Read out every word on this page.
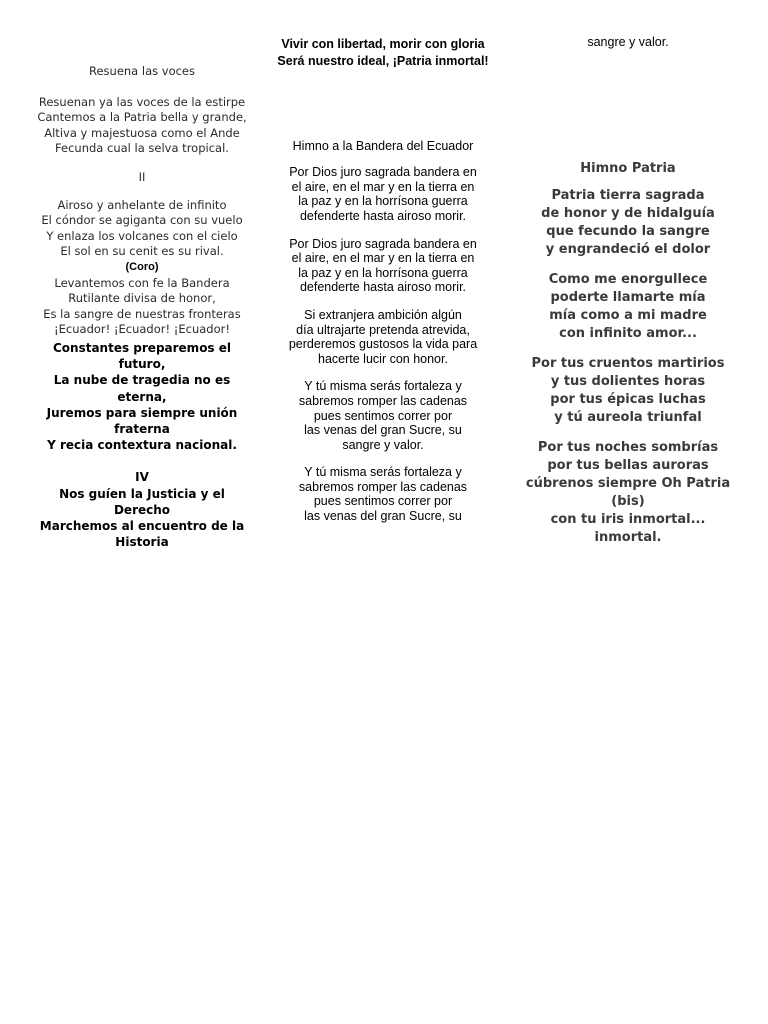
Resuena las voces
Resuenan ya las voces de la estirpe
Cantemos a la Patria bella y grande,
Altiva y majestuosa como el Ande
Fecunda cual la selva tropical.
II
Airoso y anhelante de infinito
El cóndor se agiganta con su vuelo
Y enlaza los volcanes con el cielo
El sol en su cenit es su rival.
(Coro)
Levantemos con fe la Bandera
Rutilante divisa de honor,
Es la sangre de nuestras fronteras
¡Ecuador! ¡Ecuador! ¡Ecuador!
Constantes preparemos el futuro,
La nube de tragedia no es eterna,
Juremos para siempre unión fraterna
Y recia contextura nacional.
IV
Nos guíen la Justicia y el Derecho
Marchemos al encuentro de la Historia
Vivir con libertad, morir con gloria
Será nuestro ideal, ¡Patria inmortal!
Himno a la Bandera del Ecuador
Por Dios juro sagrada bandera en
el aire, en el mar y en la tierra en
la paz y en la horrísona guerra
defenderte hasta airoso morir.
Por Dios juro sagrada bandera en
el aire, en el mar y en la tierra en
la paz y en la horrísona guerra
defenderte hasta airoso morir.
Si extranjera ambición algún
día ultrajarte pretenda atrevida,
perderemos gustosos la vida para
hacerte lucir con honor.
Y tú misma serás fortaleza y
sabremos romper las cadenas
pues sentimos correr por
las venas del gran Sucre, su
sangre y valor.
Y tú misma serás fortaleza y
sabremos romper las cadenas
pues sentimos correr por
las venas del gran Sucre, su
sangre y valor.
Himno Patria
Patria tierra sagrada
de honor y de hidalguía
que fecundo la sangre
y engrandeció el dolor
Como me enorgullece
poderte llamarte mía
mía como a mi madre
con infinito amor...
Por tus cruentos martirios
y tus dolientes horas
por tus épicas luchas
y tú aureola triunfal
Por tus noches sombrías
por tus bellas auroras
cúbrenos siempre Oh Patria (bis)
con tu iris inmortal...
inmortal.
